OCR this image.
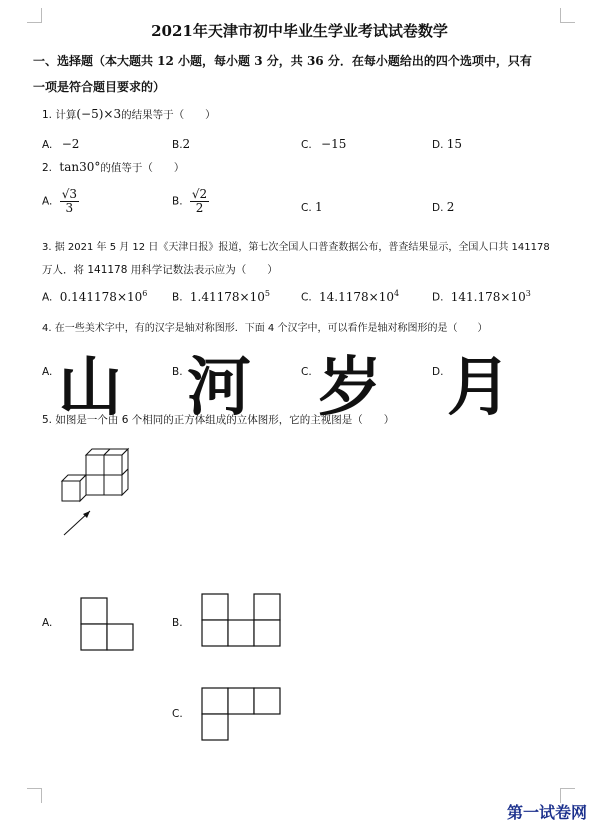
2021年天津市初中毕业生学业考试试卷数学
一、选择题（本大题共 12 小题，每小题 3 分，共 36 分．在每小题给出的四个选项中，只有
一项是符合题目要求的）
1. 计算(−5)×3的结果等于（　　）
A. −2	B.2	C. −15	D. 15
2. tan30°的值等于（　　）
A. $\frac{√3}{3}$	B. $\frac{√2}{2}$	C. 1	D. 2
3. 据 2021 年 5 月 12 日《天津日报》报道，第七次全国人口普查数据公布，普查结果显示，全国人口共 141178
万人．将 141178 用科学记数法表示应为（　　）
A. $0.141178\times 10^6$ B. $1.41178\times 10^5$	C. $14.1178\times 10^4$	D. $141.178\times 10^3$
4. 在一些美术字中，有的汉字是轴对称图形．下面 4 个汉字中，可以看作是轴对称图形的是（　　）
A. 山	B. 河	C. 岁	D. 月
5. 如图是一个由 6 个相同的正方体组成的立体图形，它的主视图是（　　）
A.	B.
C.
第一试卷网
